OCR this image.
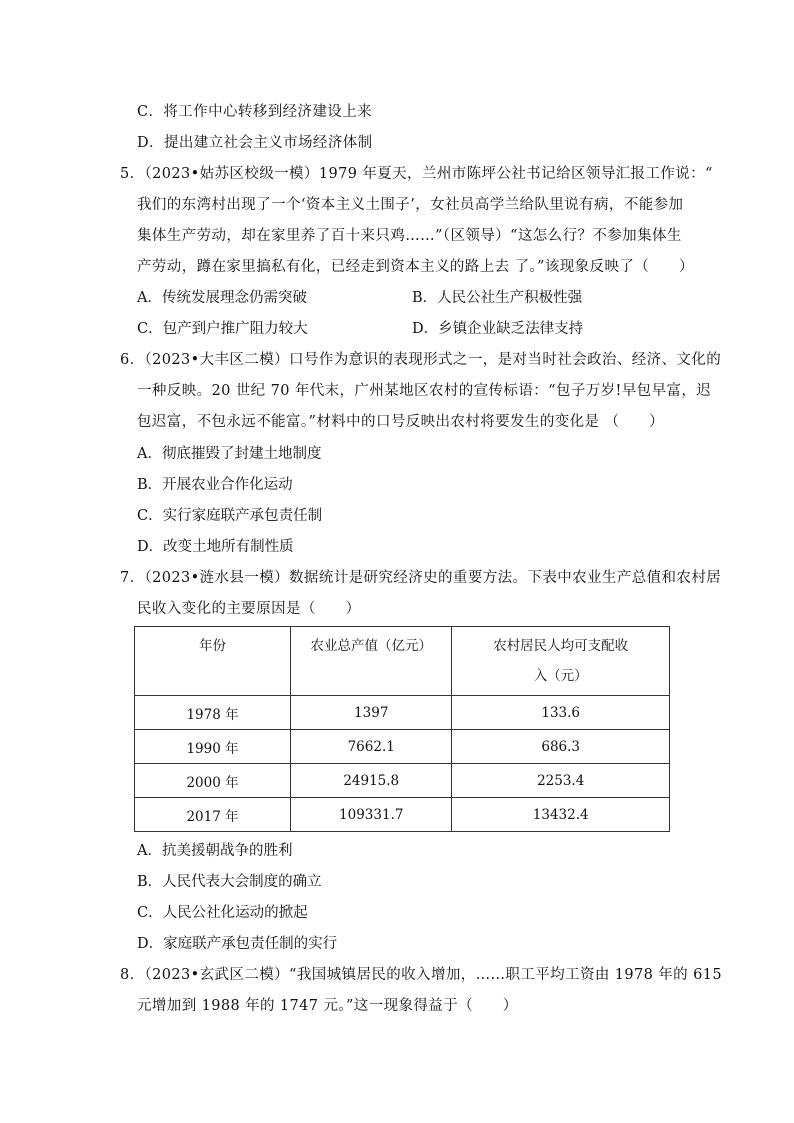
C．将工作中心转移到经济建设上来
D．提出建立社会主义市场经济体制
5．（2023•姑苏区校级一模）1979 年夏天，兰州市陈坪公社书记给区领导汇报工作说：“
我们的东湾村出现了一个‘资本主义土围子’，女社员高学兰给队里说有病，不能参加
集体生产劳动，却在家里养了百十来只鸡……”（区领导）“这怎么行？不参加集体生
产劳动，蹲在家里搞私有化，已经走到资本主义的路上去 了。”该现象反映了（　　）
A．传统发展理念仍需突破	B．人民公社生产积极性强
C．包产到户推广阻力较大	D．乡镇企业缺乏法律支持
6．（2023•大丰区二模）口号作为意识的表现形式之一，是对当时社会政治、经济、文化的
一种反映。20 世纪 70 年代末，广州某地区农村的宣传标语：“包子万岁!早包早富，迟
包迟富，不包永远不能富。”材料中的口号反映出农村将要发生的变化是 （　　）
A．彻底摧毁了封建土地制度
B．开展农业合作化运动
C．实行家庭联产承包责任制
D．改变土地所有制性质
7．（2023•涟水县一模）数据统计是研究经济史的重要方法。下表中农业生产总值和农村居
民收入变化的主要原因是（　　）
年份	农业总产值（亿元）	农村居民人均可支配收入（元）
1978 年	1397	133.6
1990 年	7662.1	686.3
2000 年	24915.8	2253.4
2017 年	109331.7	13432.4
A．抗美援朝战争的胜利
B．人民代表大会制度的确立
C．人民公社化运动的掀起
D．家庭联产承包责任制的实行
8．（2023•玄武区二模）“我国城镇居民的收入增加，……职工平均工资由 1978 年的 615
元增加到 1988 年的 1747 元。”这一现象得益于（　　）
